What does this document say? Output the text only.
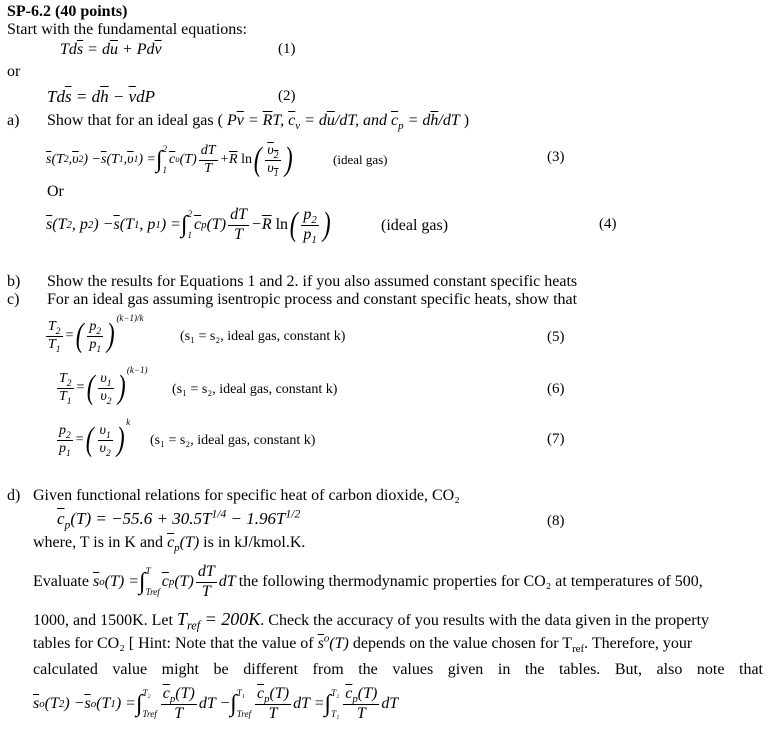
SP-6.2 (40 points)
Start with the fundamental equations:
$Td\overline{s} = d\overline{u} + Pd\overline{v}$	(1)
or
$Td\overline{s} = d\overline{h} - \overline{v}dP$	(2)
a) Show that for an ideal gas ( $P\overline{v} = \overline{R}T$, $\overline{c}_v = d\overline{u}/dT$, and $\overline{c}_p = d\overline{h}/dT$ )
$\overline{s}$ (T 2 , $\overline{\upsilon}$ 2 ) − $\overline{s}$ (T 1 , $\overline{\upsilon}$ 1 ) = ∫ 2
1
$\overline{c}$ υ $(T) \frac{dT}{T} + \overline{R}$
ln ( $\frac{\upsilon_2}{\upsilon_1}$ )	(ideal gas)	(3)
Or
$\overline{s}$ (T 2 , p 2 ) − $\overline{s}$ (T 1 , p 1 ) = ∫ 2
1
$\overline{c}$ p $(T) \frac{dT}{T} - \overline{R}$
ln ( $\frac{p_2}{p_1}$ )	(ideal gas)	(4)
b) Show the results for Equations 1 and 2. if you also assumed constant specific heats
c) For an ideal gas assuming isentropic process and constant specific heats, show that
$\frac{T_2}{T_1}$ = ( $\frac{p_2}{p_1}$ ) (k−1)/k
(s₁ = s₂, ideal gas, constant k)	(5)
$\frac{T_2}{T_1}$ = ( $\frac{\upsilon_1}{\upsilon_2}$ ) (k−1)
(s₁ = s₂, ideal gas, constant k)	(6)
$\frac{p_2}{p_1}$ = ( $\frac{\upsilon_1}{\upsilon_2}$ ) k
(s₁ = s₂, ideal gas, constant k)	(7)
d) Given functional relations for specific heat of carbon dioxide, CO₂
$\overline{c}_p(T) = -55.6 + 30.5T^{1/4} - 1.96T^{1/2}$	(8)
where, T is in K and $\overline{c}_p(T)$ is in kJ/kmol.K.
Evaluate
$\overline{s}$ o (T) = ∫ T
Tref
$\overline{c}$ p $(T) \frac{dT}{T}$ dT the following thermodynamic properties for CO₂ at temperatures of 500,
1000, and 1500K. Let $T_{ref} = 200K$. Check the accuracy of you results with the data given in the property
tables for CO₂ [ Hint: Note that the value of $\overline{s}^o(T)$ depends on the value chosen for $T_{ref}$. Therefore, your
calculated value might be different from the values given in the tables. But, also note that
$\overline{s}$ o (T 2 ) − $\overline{s}$ o (T 1 ) = ∫ T₂
Tref $\frac{\overline{c}_p(T)}{T}$ dT − ∫ T₁
Tref $\frac{\overline{c}_p(T)}{T}$ dT = ∫ T₂
$T_1 \frac{\overline{c}_p(T)}{T}$ dT
